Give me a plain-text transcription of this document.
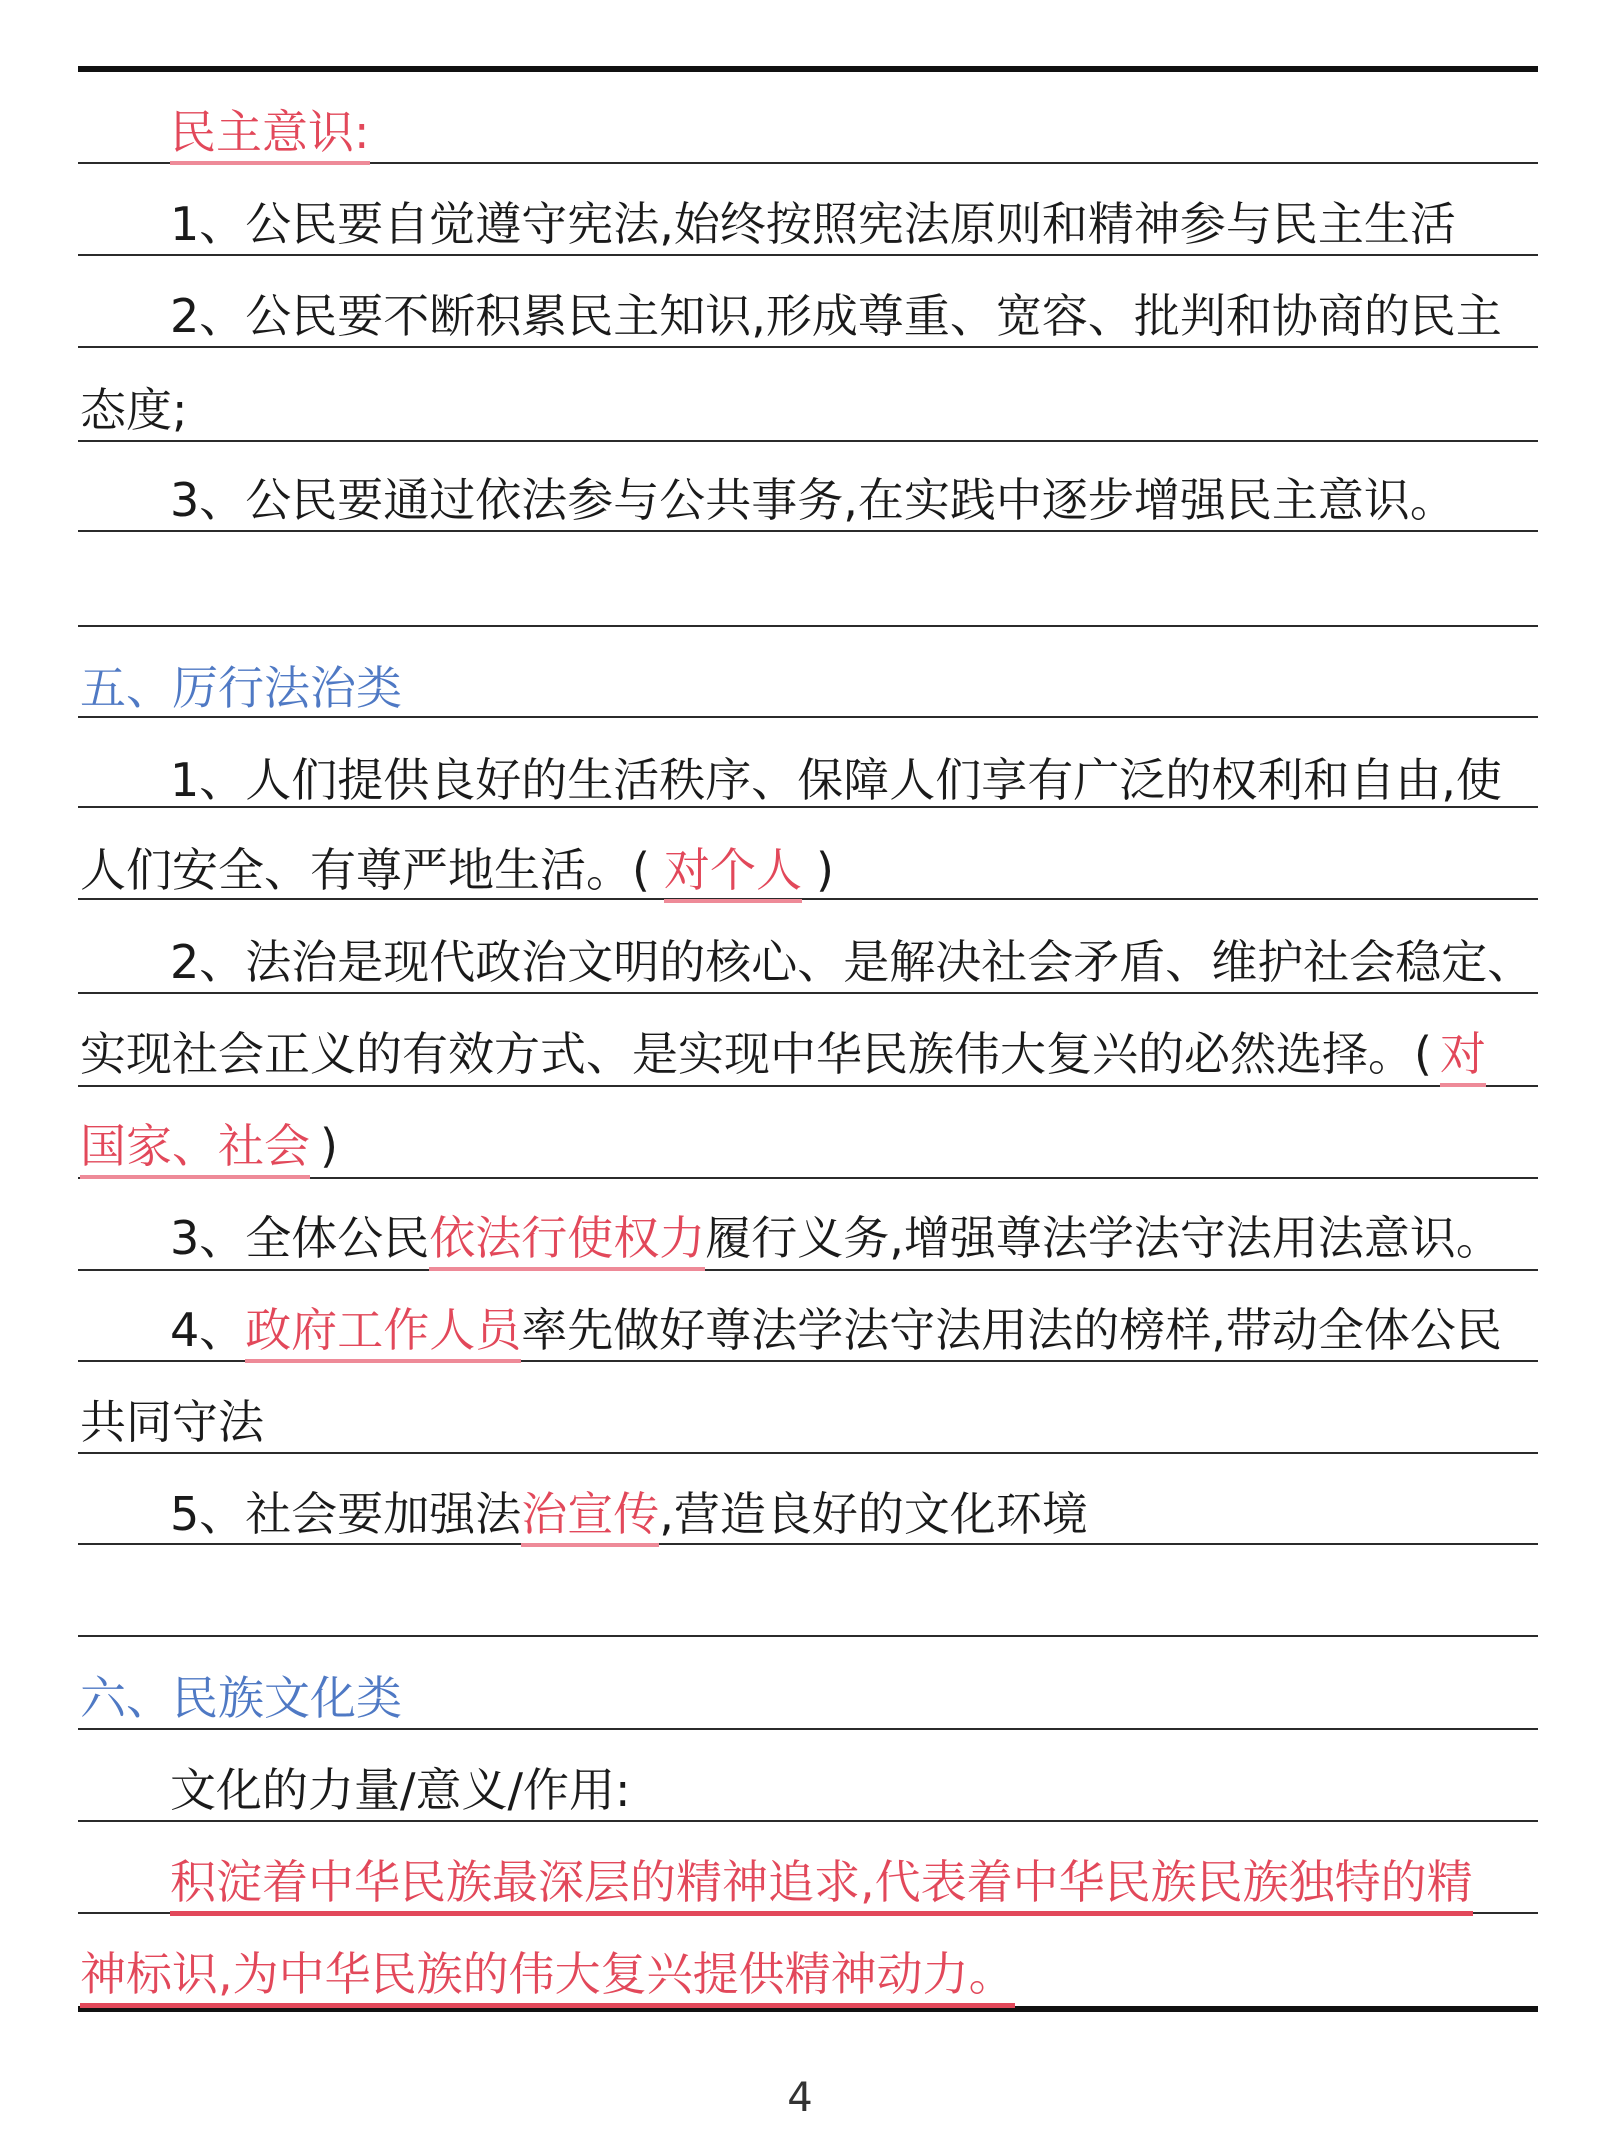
民主意识:
1、公民要自觉遵守宪法,始终按照宪法原则和精神参与民主生活
2、公民要不断积累民主知识,形成尊重、宽容、批判和协商的民主
态度;
3、公民要通过依法参与公共事务,在实践中逐步增强民主意识。
五、厉行法治类
1、人们提供良好的生活秩序、保障人们享有广泛的权利和自由,使
人们安全、有尊严地生活。( 对个人 )
2、法治是现代政治文明的核心、是解决社会矛盾、维护社会稳定、
实现社会正义的有效方式、是实现中华民族伟大复兴的必然选择。( 对
国家、社会 )
3、全体公民依法行使权力履行义务,增强尊法学法守法用法意识。
4、政府工作人员率先做好尊法学法守法用法的榜样,带动全体公民
共同守法
5、社会要加强法治宣传,营造良好的文化环境
六、民族文化类
文化的力量/意义/作用:
积淀着中华民族最深层的精神追求,代表着中华民族民族独特的精
神标识,为中华民族的伟大复兴提供精神动力。
4
